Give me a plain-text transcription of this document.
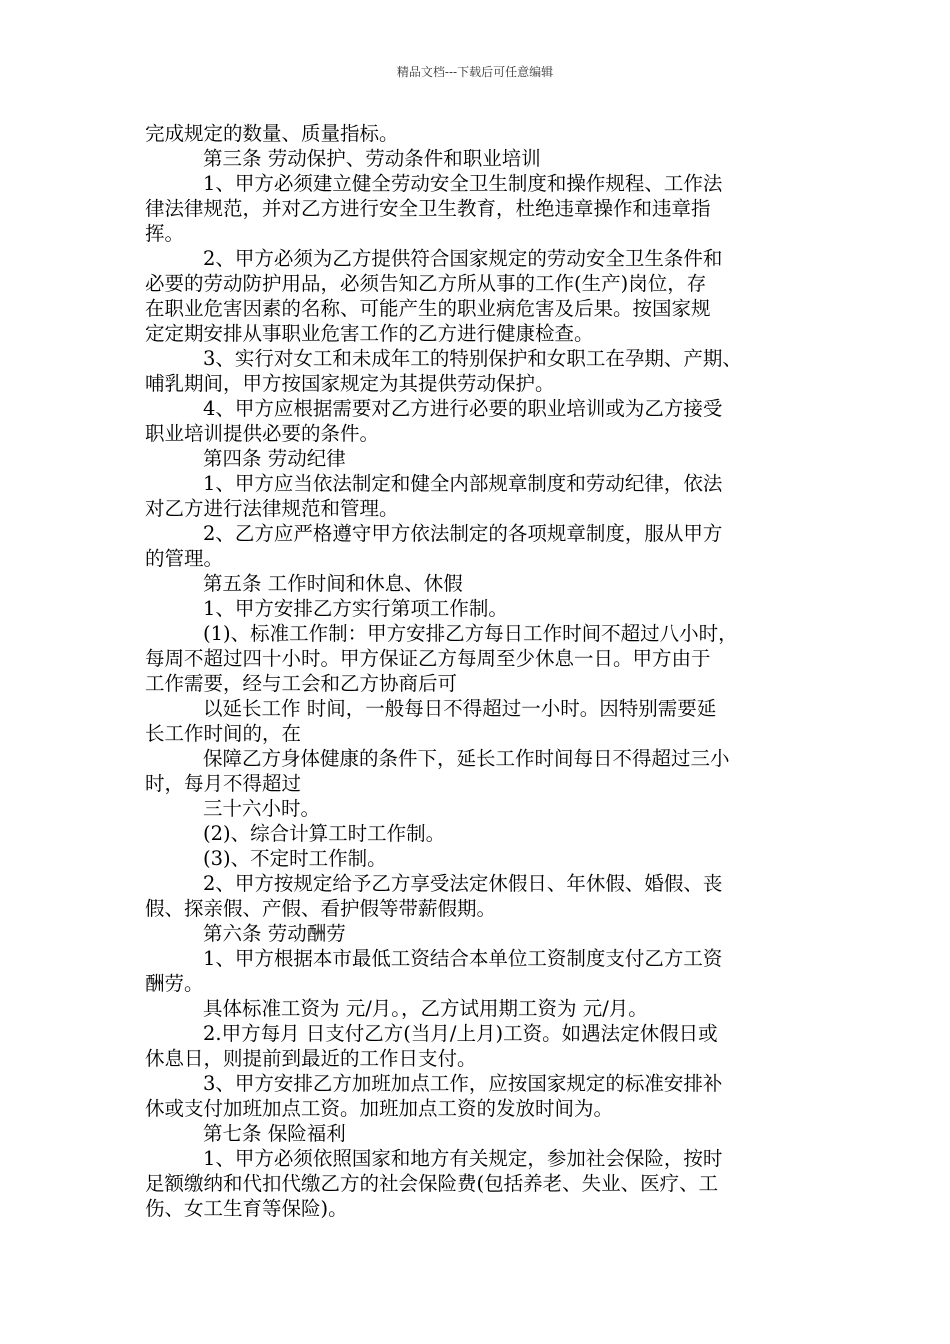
精品文档---下载后可任意编辑
完成规定的数量、质量指标。
第三条 劳动保护、劳动条件和职业培训
1、甲方必须建立健全劳动安全卫生制度和操作规程、工作法
律法律规范，并对乙方进行安全卫生教育，杜绝违章操作和违章指
挥。
2、甲方必须为乙方提供符合国家规定的劳动安全卫生条件和
必要的劳动防护用品，必须告知乙方所从事的工作(生产)岗位，存
在职业危害因素的名称、可能产生的职业病危害及后果。按国家规
定定期安排从事职业危害工作的乙方进行健康检查。
3、实行对女工和未成年工的特别保护和女职工在孕期、产期、
哺乳期间，甲方按国家规定为其提供劳动保护。
4、甲方应根据需要对乙方进行必要的职业培训或为乙方接受
职业培训提供必要的条件。
第四条 劳动纪律
1、甲方应当依法制定和健全内部规章制度和劳动纪律，依法
对乙方进行法律规范和管理。
2、乙方应严格遵守甲方依法制定的各项规章制度，服从甲方
的管理。
第五条 工作时间和休息、休假
1、甲方安排乙方实行第项工作制。
(1)、标准工作制：甲方安排乙方每日工作时间不超过八小时，
每周不超过四十小时。甲方保证乙方每周至少休息一日。甲方由于
工作需要，经与工会和乙方协商后可
以延长工作 时间，一般每日不得超过一小时。因特别需要延
长工作时间的，在
保障乙方身体健康的条件下，延长工作时间每日不得超过三小
时，每月不得超过
三十六小时。
(2)、综合计算工时工作制。
(3)、不定时工作制。
2、甲方按规定给予乙方享受法定休假日、年休假、婚假、丧
假、探亲假、产假、看护假等带薪假期。
第六条 劳动酬劳
1、甲方根据本市最低工资结合本单位工资制度支付乙方工资
酬劳。
具体标准工资为 元/月。，乙方试用期工资为 元/月。
2.甲方每月 日支付乙方(当月/上月)工资。如遇法定休假日或
休息日，则提前到最近的工作日支付。
3、甲方安排乙方加班加点工作，应按国家规定的标准安排补
休或支付加班加点工资。加班加点工资的发放时间为。
第七条 保险福利
1、甲方必须依照国家和地方有关规定，参加社会保险，按时
足额缴纳和代扣代缴乙方的社会保险费(包括养老、失业、医疗、工
伤、女工生育等保险)。
